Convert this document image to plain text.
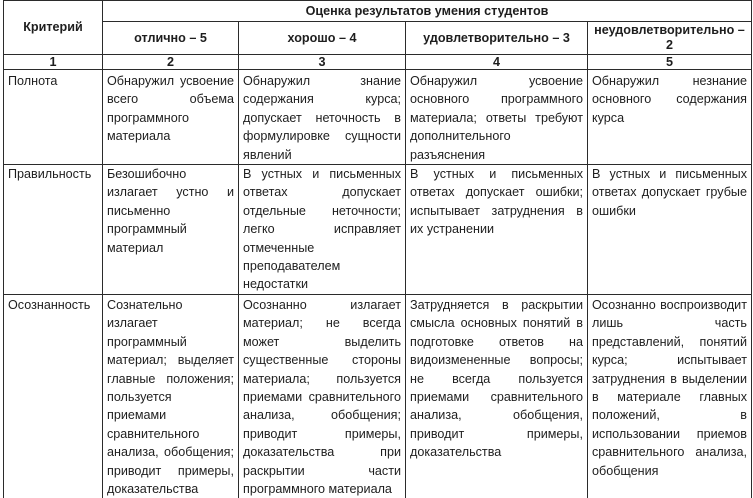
Критерий	Оценка результатов умения студентов			
	отлично – 5	хорошо – 4	удовлетворительно – 3	неудовлетворительно – 2
1	2	3	4	5
Полнота	Обнаружил усвоение всего объема программного материала	Обнаружил знание содержания курса; допускает неточность в формулировке сущности явлений	Обнаружил усвоение основного программного материала; ответы требуют дополнительного разъяснения	Обнаружил незнание основного содержания курса
Правильность	Безошибочно излагает устно и письменно программный материал	В устных и письменных ответах допускает отдельные неточности; легко исправляет отмеченные преподавателем недостатки	В устных и письменных ответах допускает ошибки; испытывает затруднения в их устранении	В устных и письменных ответах допускает грубые ошибки
Осознанность	Сознательно излагает программный материал; выделяет главные положения; пользуется приемами сравнительного анализа, обобщения; приводит примеры, доказательства	Осознанно излагает материал; не всегда может выделить существенные стороны материала; пользуется приемами сравнительного анализа, обобщения; приводит примеры, доказательства при раскрытии части программного материала	Затрудняется в раскрытии смысла основных понятий в подготовке ответов на видоизмененные вопросы; не всегда пользуется приемами сравнительного анализа, обобщения, приводит примеры, доказательства	Осознанно воспроизводит лишь часть представлений, понятий курса; испытывает затруднения в выделении в материале главных положений, в использовании приемов сравнительного анализа, обобщения
